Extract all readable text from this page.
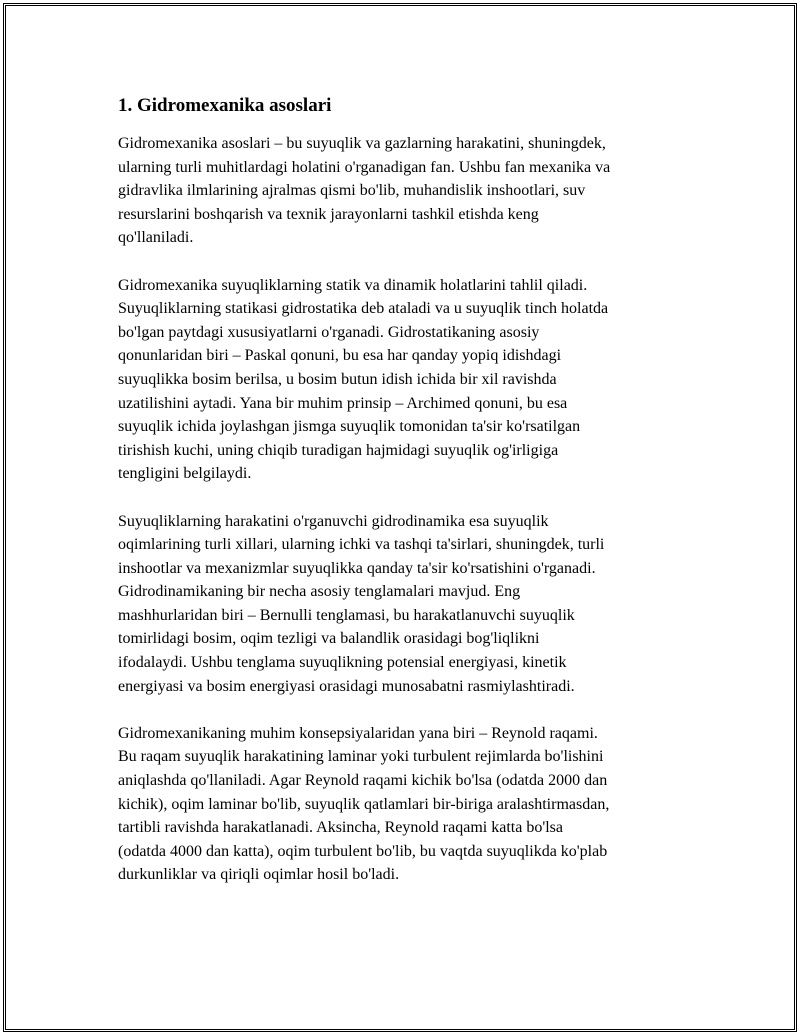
1. Gidromexanika asoslari

Gidromexanika asoslari – bu suyuqlik va gazlarning harakatini, shuningdek,
ularning turli muhitlardagi holatini o'rganadigan fan. Ushbu fan mexanika va
gidravlika ilmlarining ajralmas qismi bo'lib, muhandislik inshootlari, suv
resurslarini boshqarish va texnik jarayonlarni tashkil etishda keng
qo'llaniladi.

Gidromexanika suyuqliklarning statik va dinamik holatlarini tahlil qiladi.
Suyuqliklarning statikasi gidrostatika deb ataladi va u suyuqlik tinch holatda
bo'lgan paytdagi xususiyatlarni o'rganadi. Gidrostatikaning asosiy
qonunlaridan biri – Paskal qonuni, bu esa har qanday yopiq idishdagi
suyuqlikka bosim berilsa, u bosim butun idish ichida bir xil ravishda
uzatilishini aytadi. Yana bir muhim prinsip – Archimed qonuni, bu esa
suyuqlik ichida joylashgan jismga suyuqlik tomonidan ta'sir ko'rsatilgan
tirishish kuchi, uning chiqib turadigan hajmidagi suyuqlik og'irligiga
tengligini belgilaydi.

Suyuqliklarning harakatini o'rganuvchi gidrodinamika esa suyuqlik
oqimlarining turli xillari, ularning ichki va tashqi ta'sirlari, shuningdek, turli
inshootlar va mexanizmlar suyuqlikka qanday ta'sir ko'rsatishini o'rganadi.
Gidrodinamikaning bir necha asosiy tenglamalari mavjud. Eng
mashhurlaridan biri – Bernulli tenglamasi, bu harakatlanuvchi suyuqlik
tomirlidagi bosim, oqim tezligi va balandlik orasidagi bog'liqlikni
ifodalaydi. Ushbu tenglama suyuqlikning potensial energiyasi, kinetik
energiyasi va bosim energiyasi orasidagi munosabatni rasmiylashtiradi.

Gidromexanikaning muhim konsepsiyalaridan yana biri – Reynold raqami.
Bu raqam suyuqlik harakatining laminar yoki turbulent rejimlarda bo'lishini
aniqlashda qo'llaniladi. Agar Reynold raqami kichik bo'lsa (odatda 2000 dan
kichik), oqim laminar bo'lib, suyuqlik qatlamlari bir-biriga aralashtirmasdan,
tartibli ravishda harakatlanadi. Aksincha, Reynold raqami katta bo'lsa
(odatda 4000 dan katta), oqim turbulent bo'lib, bu vaqtda suyuqlikda ko'plab
durkunliklar va qiriqli oqimlar hosil bo'ladi.
